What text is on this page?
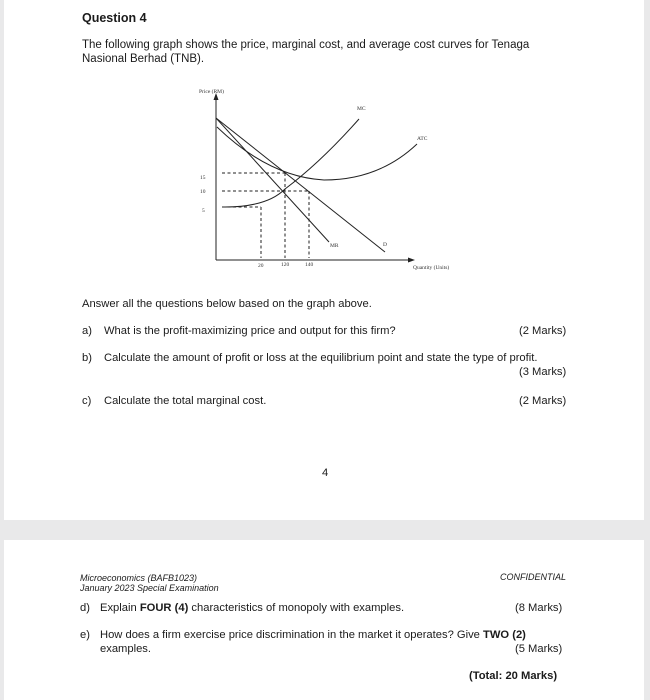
Question 4
The following graph shows the price, marginal cost, and average cost curves for Tenaga
Nasional Berhad (TNB).
Price (RM)
Quantity (Units)
15
10
5
20	120	140
MC
ATC
MR	D
Answer all the questions below based on the graph above.
a) What is the profit-maximizing price and output for this firm?	(2 Marks)
b) Calculate the amount of profit or loss at the equilibrium point and state the type of profit.
(3 Marks)
c) Calculate the total marginal cost.	(2 Marks)
4
Microeconomics (BAFB1023)
January 2023 Special Examination
CONFIDENTIAL
d) Explain FOUR (4) characteristics of monopoly with examples.	(8 Marks)
e) How does a firm exercise price discrimination in the market it operates? Give TWO (2)
examples.	(5 Marks)
(Total: 20 Marks)
